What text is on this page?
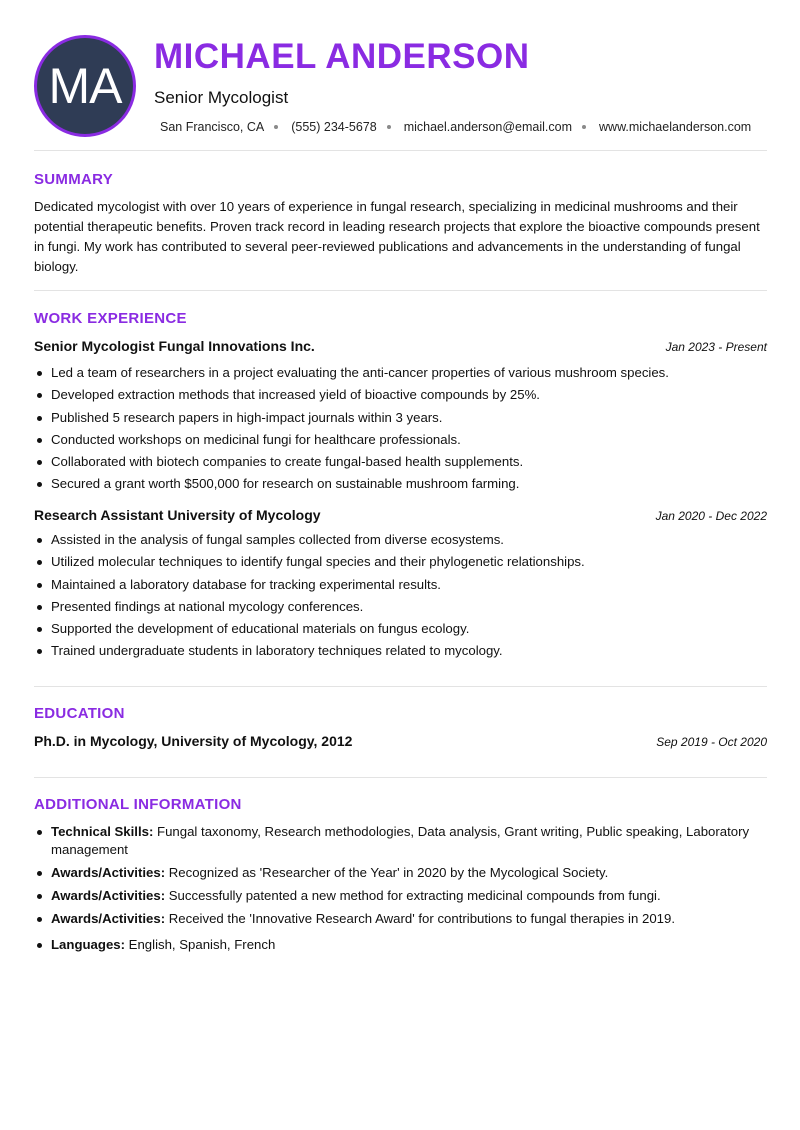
MA
MICHAEL ANDERSON
Senior Mycologist
San Francisco, CA (555) 234-5678 michael.anderson@email.com www.michaelanderson.com
SUMMARY

Dedicated mycologist with over 10 years of experience in fungal research, specializing in medicinal mushrooms and their potential therapeutic benefits. Proven track record in leading research projects that explore the bioactive compounds present in fungi. My work has contributed to several peer-reviewed publications and advancements in the understanding of fungal biology.

WORK EXPERIENCE
Senior Mycologist Fungal Innovations Inc.	Jan 2023 - Present
Led a team of researchers in a project evaluating the anti-cancer properties of various mushroom species.
Developed extraction methods that increased yield of bioactive compounds by 25%.
Published 5 research papers in high-impact journals within 3 years.
Conducted workshops on medicinal fungi for healthcare professionals.
Collaborated with biotech companies to create fungal-based health supplements.
Secured a grant worth $500,000 for research on sustainable mushroom farming.
Research Assistant University of Mycology	Jan 2020 - Dec 2022
Assisted in the analysis of fungal samples collected from diverse ecosystems.
Utilized molecular techniques to identify fungal species and their phylogenetic relationships.
Maintained a laboratory database for tracking experimental results.
Presented findings at national mycology conferences.
Supported the development of educational materials on fungus ecology.
Trained undergraduate students in laboratory techniques related to mycology.
EDUCATION
Ph.D. in Mycology, University of Mycology, 2012	Sep 2019 - Oct 2020
ADDITIONAL INFORMATION
Technical Skills: Fungal taxonomy, Research methodologies, Data analysis, Grant writing, Public speaking, Laboratory management
Awards/Activities: Recognized as 'Researcher of the Year' in 2020 by the Mycological Society.
Awards/Activities: Successfully patented a new method for extracting medicinal compounds from fungi.
Awards/Activities: Received the 'Innovative Research Award' for contributions to fungal therapies in 2019.
Languages: English, Spanish, French
